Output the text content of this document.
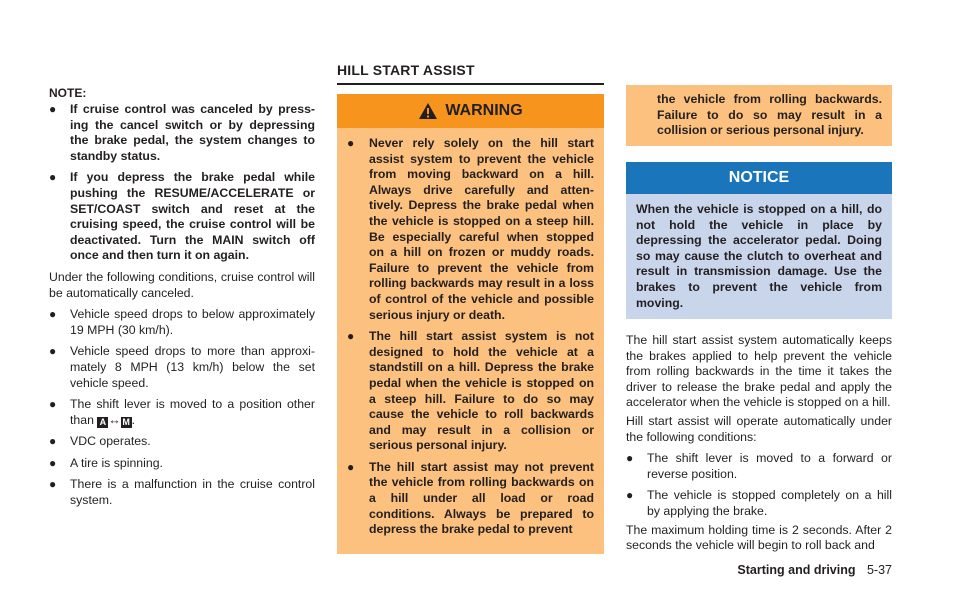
NOTE:
● If cruise control was canceled by press- ing the cancel switch or by depressing the brake pedal, the system changes to standby status.
● If you depress the brake pedal while pushing the RESUME/ACCELERATE or SET/COAST switch and reset at the cruising speed, the cruise control will be deactivated. Turn the MAIN switch off once and then turn it on again.
Under the following conditions, cruise control will be automatically canceled.
● Vehicle speed drops to below approximately 19 MPH (30 km/h).
● Vehicle speed drops to more than approxi- mately 8 MPH (13 km/h) below the set vehicle speed.
● The shift lever is moved to a position other than A ↔ M .
● VDC operates.
● A tire is spinning.
● There is a malfunction in the cruise control system.
HILL START ASSIST
WARNING
● Never rely solely on the hill start assist system to prevent the vehicle from moving backward on a hill. Always drive carefully and atten- tively. Depress the brake pedal when the vehicle is stopped on a steep hill. Be especially careful when stopped on a hill on frozen or muddy roads. Failure to prevent the vehicle from rolling backwards may result in a loss of control of the vehicle and possible serious injury or death.
● The hill start assist system is not designed to hold the vehicle at a standstill on a hill. Depress the brake pedal when the vehicle is stopped on a steep hill. Failure to do so may cause the vehicle to roll backwards and may result in a collision or serious personal injury.
● The hill start assist may not prevent the vehicle from rolling backwards on a hill under all load or road conditions. Always be prepared to depress the brake pedal to prevent
the vehicle from rolling backwards. Failure to do so may result in a collision or serious personal injury.
NOTICE
When the vehicle is stopped on a hill, do not hold the vehicle in place by depressing the accelerator pedal. Doing so may cause the clutch to overheat and result in transmission damage. Use the brakes to prevent the vehicle from moving.
The hill start assist system automatically keeps the brakes applied to help prevent the vehicle from rolling backwards in the time it takes the driver to release the brake pedal and apply the accelerator when the vehicle is stopped on a hill.
Hill start assist will operate automatically under the following conditions:
● The shift lever is moved to a forward or reverse position.
● The vehicle is stopped completely on a hill by applying the brake.
The maximum holding time is 2 seconds. After 2 seconds the vehicle will begin to roll back and
Starting and driving 5-37
